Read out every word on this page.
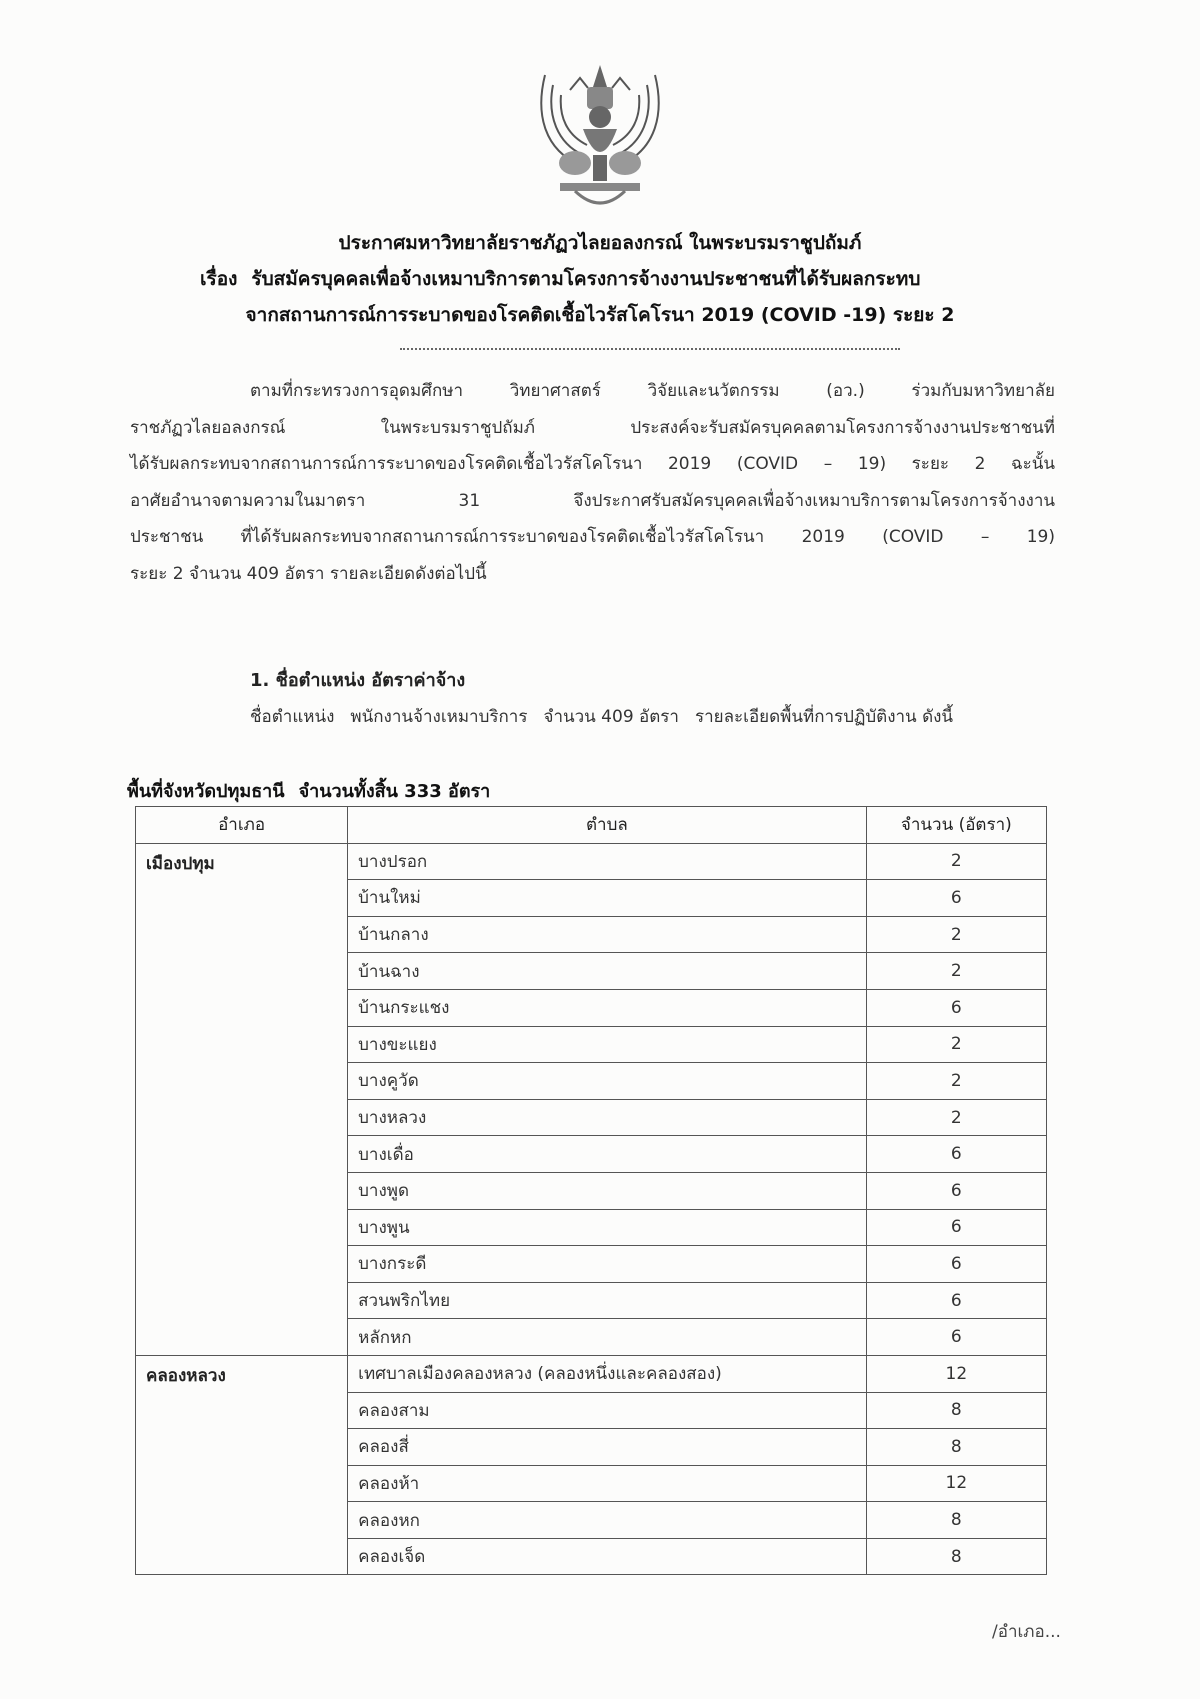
ประกาศมหาวิทยาลัยราชภัฏวไลยอลงกรณ์ ในพระบรมราชูปถัมภ์
เรื่อง รับสมัครบุคคลเพื่อจ้างเหมาบริการตามโครงการจ้างงานประชาชนที่ได้รับผลกระทบ
จากสถานการณ์การระบาดของโรคติดเชื้อไวรัสโคโรนา 2019 (COVID -19) ระยะ 2

ตามที่กระทรวงการอุดมศึกษา วิทยาศาสตร์ วิจัยและนวัตกรรม (อว.) ร่วมกับมหาวิทยาลัย

ราชภัฏวไลยอลงกรณ์ ในพระบรมราชูปถัมภ์ ประสงค์จะรับสมัครบุคคลตามโครงการจ้างงานประชาชนที่

ได้รับผลกระทบจากสถานการณ์การระบาดของโรคติดเชื้อไวรัสโคโรนา 2019 (COVID – 19) ระยะ 2 ฉะนั้น

อาศัยอำนาจตามความในมาตรา 31 จึงประกาศรับสมัครบุคคลเพื่อจ้างเหมาบริการตามโครงการจ้างงาน

ประชาชน ที่ได้รับผลกระทบจากสถานการณ์การระบาดของโรคติดเชื้อไวรัสโคโรนา 2019 (COVID – 19)

ระยะ 2 จำนวน 409 อัตรา รายละเอียดดังต่อไปนี้

1. ชื่อตำแหน่ง อัตราค่าจ้าง
ชื่อตำแหน่ง พนักงานจ้างเหมาบริการ จำนวน 409 อัตรา รายละเอียดพื้นที่การปฏิบัติงาน ดังนี้
พื้นที่จังหวัดปทุมธานี จำนวนทั้งสิ้น 333 อัตรา
อำเภอ	ตำบล	จำนวน (อัตรา)
เมืองปทุม	บางปรอก	2
	บ้านใหม่	6
	บ้านกลาง	2
	บ้านฉาง	2
	บ้านกระแชง	6
	บางขะแยง	2
	บางคูวัด	2
	บางหลวง	2
	บางเดื่อ	6
	บางพูด	6
	บางพูน	6
	บางกระดี	6
	สวนพริกไทย	6
	หลักหก	6
คลองหลวง	เทศบาลเมืองคลองหลวง (คลองหนึ่งและคลองสอง)	12
	คลองสาม	8
	คลองสี่	8
	คลองห้า	12
	คลองหก	8
	คลองเจ็ด	8
/อำเภอ...
